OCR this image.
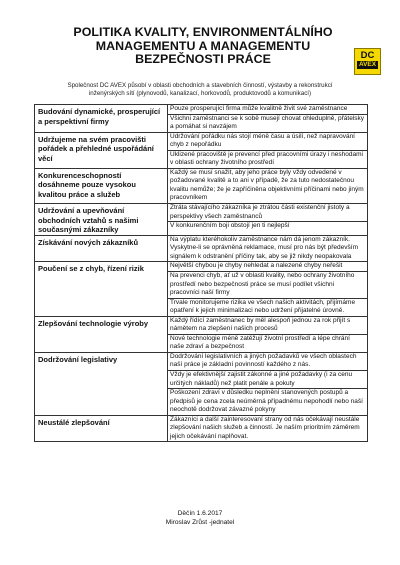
POLITIKA KVALITY, ENVIRONMENTÁLNÍHO
MANAGEMENTU A MANAGEMENTU
BEZPEČNOSTI PRÁCE	DC
AVEX
Společnost DC AVEX působí v oblasti obchodních a stavebních činností, výstavby a rekonstrukcí
inženýrských sítí (plynovodů, kanalizací, horkovodů, produktovodů a komunikací)
Budování dynamické, prosperující a perspektivní firmy	Pouze prosperující firma může kvalitně živit své zaměstnance
Všichni zaměstnanci se k sobě musejí chovat ohleduplně, přátelsky a pomáhat si navzájem

Udržujeme na svém pracovišti pořádek a přehledné uspořádání věcí	Udržování pořádku nás stojí méně času a úsilí, než napravování chyb z nepořádku
Uklizené pracoviště je prevencí před pracovními úrazy i neshodami v oblasti ochrany životního prostředí

Konkurenceschopností dosáhneme pouze vysokou kvalitou práce a služeb	Každý se musí snažit, aby jeho práce byly vždy odvedené v požadované kvalitě a to ani v případě, že za tuto nedostatečnou kvalitu nemůže; že je zapříčiněna objektivními příčinami nebo jiným pracovníkem

Udržování a upevňování obchodních vztahů s našimi současnými zákazníky	Ztráta stávajícího zákazníka je ztrátou části existenční jistoty a perspektivy všech zaměstnanců
V konkurenčním boji obstojí jen ti nejlepší

Získávání nových zákazníků	Na výplatu kteréhokoliv zaměstnance nám dá jenom zákazník. Vyskytne-li se oprávněná reklamace, musí pro nás být především signálem k odstranění příčiny tak, aby se již nikdy neopakovala

Poučení se z chyb, řízení rizik	Největší chybou je chyby nehledat a nalezené chyby neřešit
Na prevenci chyb, ať už v oblasti kvality, nebo ochrany životního prostředí nebo bezpečnosti práce se musí podílet všichni pracovníci naší firmy
Trvale monitorujeme rizika ve všech našich aktivitách, přijímáme opatření k jejich minimalizaci nebo udržení přijatelné úrovně.

Zlepšování technologie výroby	Každý řídící zaměstnanec by měl alespoň jednou za rok přijít s námětem na zlepšení našich procesů
Nové technologie méně zatěžují životní prostředí a lépe chrání naše zdraví a bezpečnost

Dodržování legislativy	Dodržování legislativních a jiných požadavků ve všech oblastech naší práce je základní povinností každého z nás.
Vždy je efektivnější zajistit zákonné a jiné požadavky (i za cenu určitých nákladů) než platit penále a pokuty
Poškození zdraví v důsledku neplnění stanovených postupů a předpisů je cena zcela neúměrná případnému nepohodlí nebo naší neochotě dodržovat závazné pokyny

Neustálé zlepšování	Zákazníci a další zainteresovaní strany od nás očekávají neustále zlepšování našich služeb a činností. Je naším prioritním záměrem jejich očekávání naplňovat.
Děčín 1.6.2017
Miroslav Zrůst -jednatel
